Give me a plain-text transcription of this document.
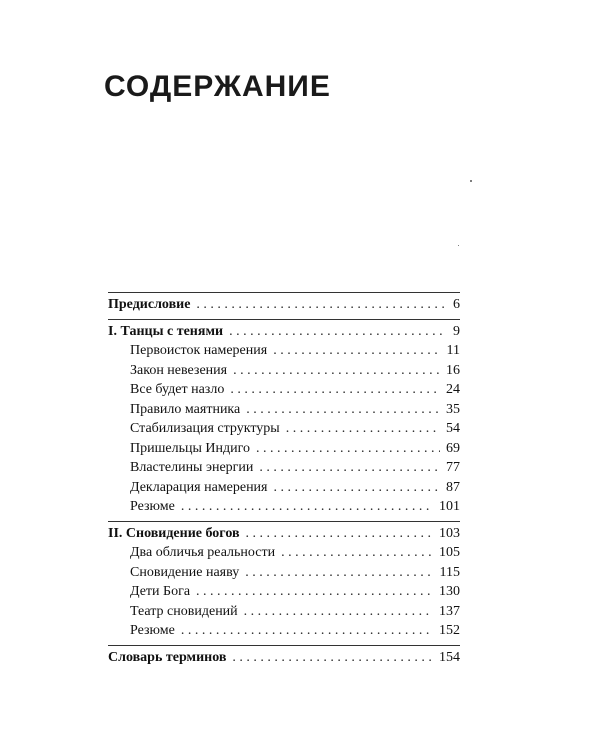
СОДЕРЖАНИЕ
Предисловие . . .	6
I. Танцы с тенями . . .	9
Первоисток намерения . . .	11
Закон невезения . . .	16
Все будет назло . . .	24
Правило маятника . . .	35
Стабилизация структуры . . .	54
Пришельцы Индиго . . .	69
Властелины энергии . . .	77
Декларация намерения . . .	87
Резюме . . .	101
II. Сновидение богов . . .	103
Два обличья реальности . . .	105
Сновидение наяву . . .	115
Дети Бога . . .	130
Театр сновидений . . .	137
Резюме . . .	152
Словарь терминов . . .	154
